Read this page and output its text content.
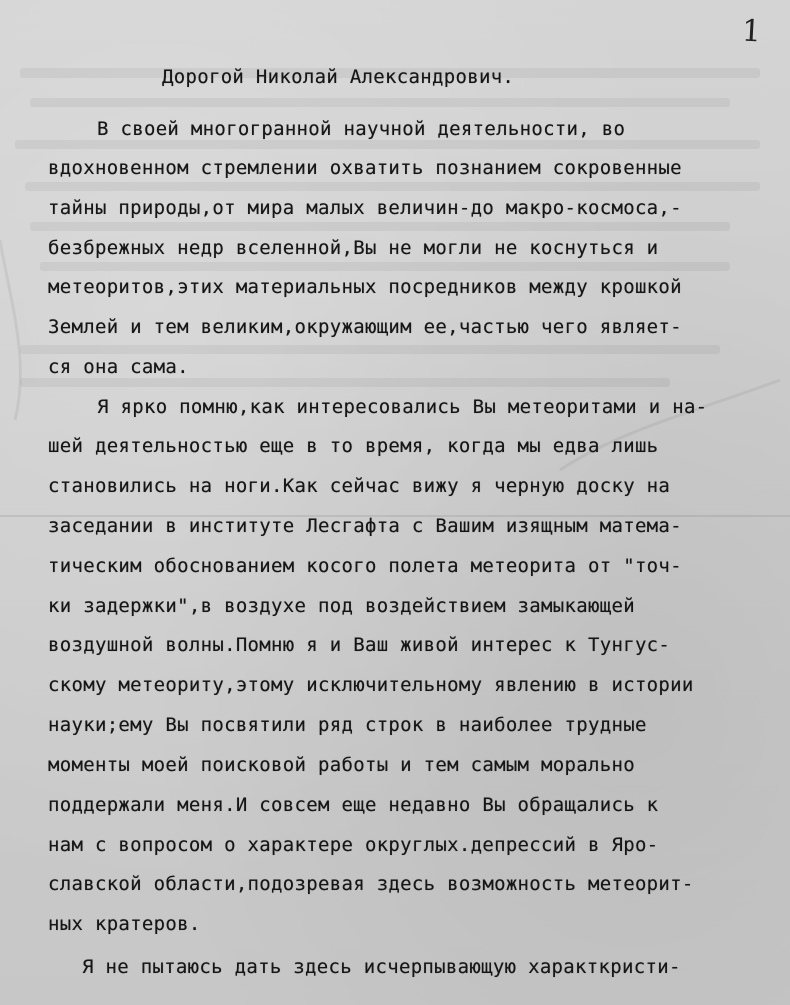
1
Дорогой Николай Александрович.
В своей многогранной научной деятельности, во
вдохновенном стремлении охватить познанием сокровенные
тайны природы,от мира малых величин-до макро-космоса,-
безбрежных недр вселенной,Вы не могли не коснуться и
метеоритов,этих материальных посредников между крошкой
Землей и тем великим,окружающим ее,частью чего являет-
ся она сама.
Я ярко помню,как интересовались Вы метеоритами и на-
шей деятельностью еще в то время, когда мы едва лишь
становились на ноги.Как сейчас вижу я черную доску на
заседании в институте Лесгафта с Вашим изящным матема-
тическим обоснованием косого полета метеорита от "точ-
ки задержки",в воздухе под воздействием замыкающей
воздушной волны.Помню я и Ваш живой интерес к Тунгус-
скому метеориту,этому исключительному явлению в истории
науки;ему Вы посвятили ряд строк в наиболее трудные
моменты моей поисковой работы и тем самым морально
поддержали меня.И совсем еще недавно Вы обращались к
нам с вопросом о характере округлых.депрессий в Яро-
славской области,подозревая здесь возможность метеорит-
ных кратеров.
Я не пытаюсь дать здесь исчерпывающую характкристи-
